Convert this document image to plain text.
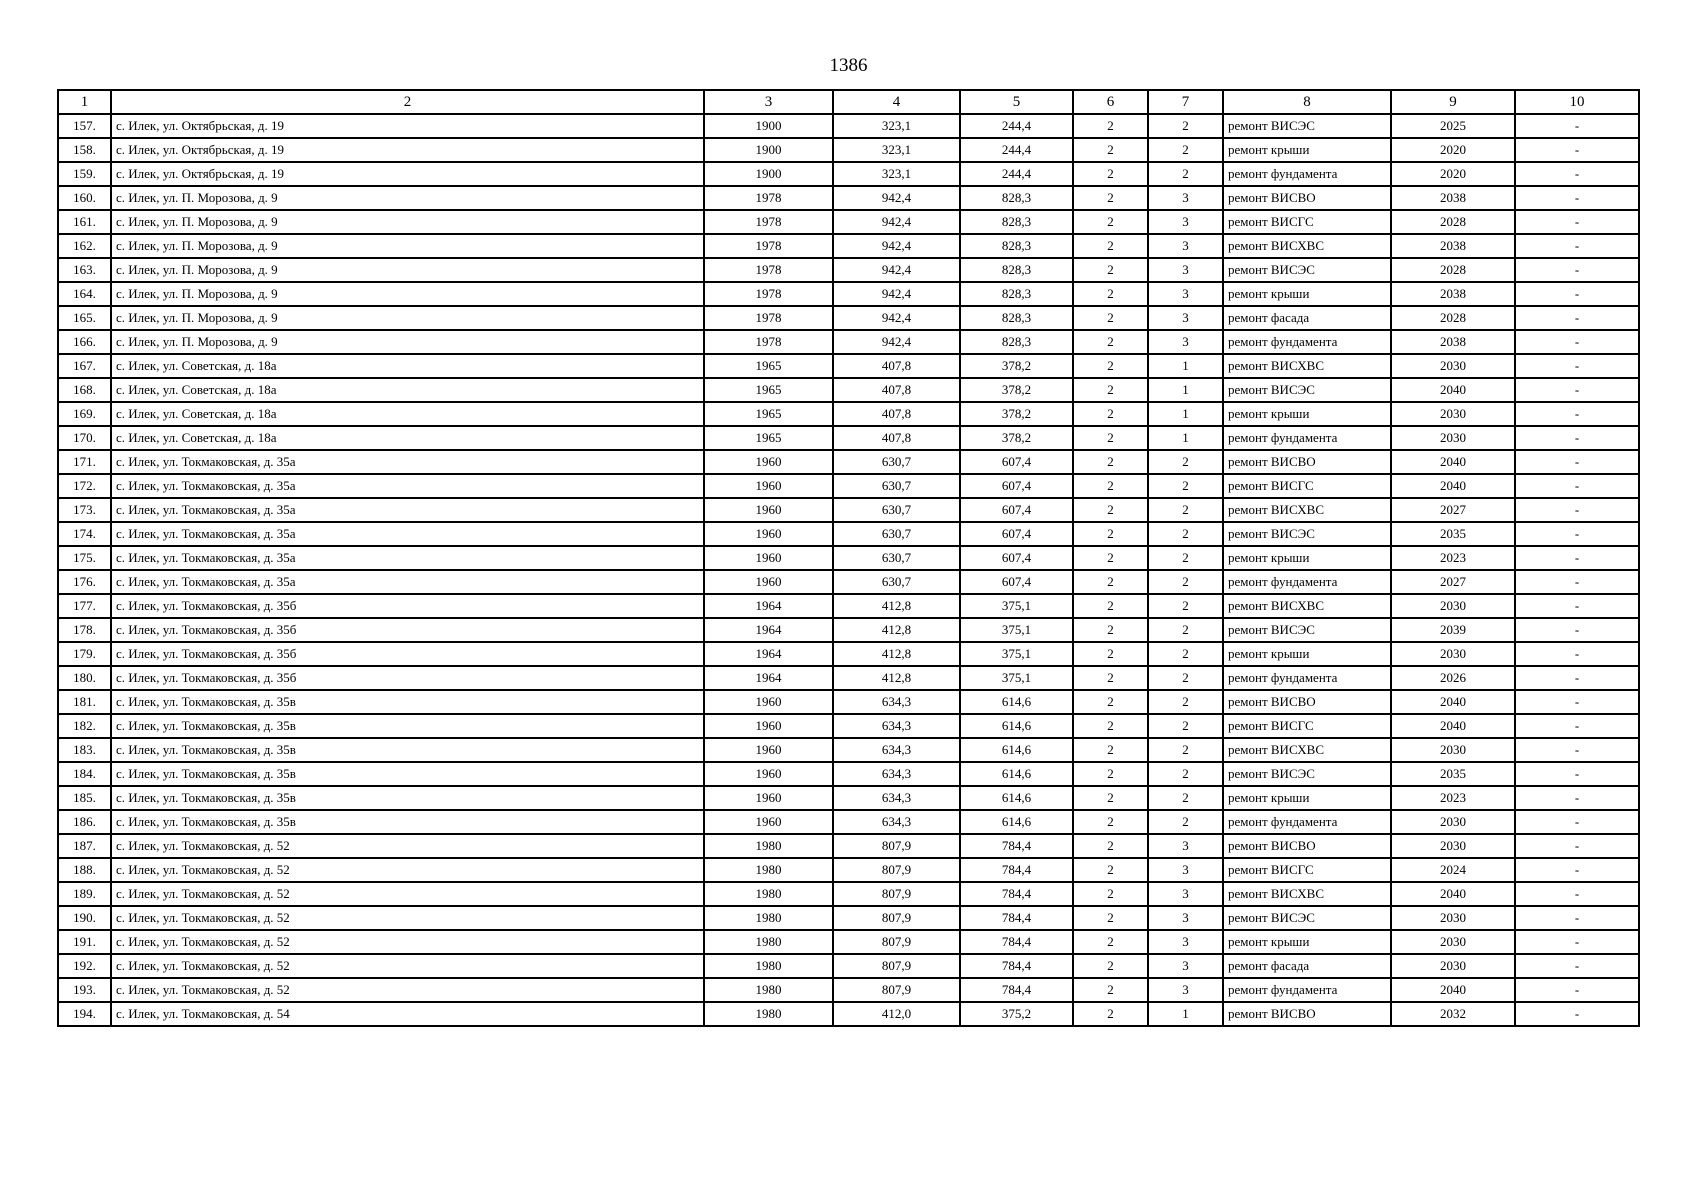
1386
1	2	3	4	5	6	7	8	9	10
157.	с. Илек, ул. Октябрьская, д. 19	1900	323,1	244,4	2	2	ремонт ВИСЭС	2025	-
158.	с. Илек, ул. Октябрьская, д. 19	1900	323,1	244,4	2	2	ремонт крыши	2020	-
159.	с. Илек, ул. Октябрьская, д. 19	1900	323,1	244,4	2	2	ремонт фундамента	2020	-
160.	с. Илек, ул. П. Морозова, д. 9	1978	942,4	828,3	2	3	ремонт ВИСВО	2038	-
161.	с. Илек, ул. П. Морозова, д. 9	1978	942,4	828,3	2	3	ремонт ВИСГС	2028	-
162.	с. Илек, ул. П. Морозова, д. 9	1978	942,4	828,3	2	3	ремонт ВИСХВС	2038	-
163.	с. Илек, ул. П. Морозова, д. 9	1978	942,4	828,3	2	3	ремонт ВИСЭС	2028	-
164.	с. Илек, ул. П. Морозова, д. 9	1978	942,4	828,3	2	3	ремонт крыши	2038	-
165.	с. Илек, ул. П. Морозова, д. 9	1978	942,4	828,3	2	3	ремонт фасада	2028	-
166.	с. Илек, ул. П. Морозова, д. 9	1978	942,4	828,3	2	3	ремонт фундамента	2038	-
167.	с. Илек, ул. Советская, д. 18а	1965	407,8	378,2	2	1	ремонт ВИСХВС	2030	-
168.	с. Илек, ул. Советская, д. 18а	1965	407,8	378,2	2	1	ремонт ВИСЭС	2040	-
169.	с. Илек, ул. Советская, д. 18а	1965	407,8	378,2	2	1	ремонт крыши	2030	-
170.	с. Илек, ул. Советская, д. 18а	1965	407,8	378,2	2	1	ремонт фундамента	2030	-
171.	с. Илек, ул. Токмаковская, д. 35а	1960	630,7	607,4	2	2	ремонт ВИСВО	2040	-
172.	с. Илек, ул. Токмаковская, д. 35а	1960	630,7	607,4	2	2	ремонт ВИСГС	2040	-
173.	с. Илек, ул. Токмаковская, д. 35а	1960	630,7	607,4	2	2	ремонт ВИСХВС	2027	-
174.	с. Илек, ул. Токмаковская, д. 35а	1960	630,7	607,4	2	2	ремонт ВИСЭС	2035	-
175.	с. Илек, ул. Токмаковская, д. 35а	1960	630,7	607,4	2	2	ремонт крыши	2023	-
176.	с. Илек, ул. Токмаковская, д. 35а	1960	630,7	607,4	2	2	ремонт фундамента	2027	-
177.	с. Илек, ул. Токмаковская, д. 35б	1964	412,8	375,1	2	2	ремонт ВИСХВС	2030	-
178.	с. Илек, ул. Токмаковская, д. 35б	1964	412,8	375,1	2	2	ремонт ВИСЭС	2039	-
179.	с. Илек, ул. Токмаковская, д. 35б	1964	412,8	375,1	2	2	ремонт крыши	2030	-
180.	с. Илек, ул. Токмаковская, д. 35б	1964	412,8	375,1	2	2	ремонт фундамента	2026	-
181.	с. Илек, ул. Токмаковская, д. 35в	1960	634,3	614,6	2	2	ремонт ВИСВО	2040	-
182.	с. Илек, ул. Токмаковская, д. 35в	1960	634,3	614,6	2	2	ремонт ВИСГС	2040	-
183.	с. Илек, ул. Токмаковская, д. 35в	1960	634,3	614,6	2	2	ремонт ВИСХВС	2030	-
184.	с. Илек, ул. Токмаковская, д. 35в	1960	634,3	614,6	2	2	ремонт ВИСЭС	2035	-
185.	с. Илек, ул. Токмаковская, д. 35в	1960	634,3	614,6	2	2	ремонт крыши	2023	-
186.	с. Илек, ул. Токмаковская, д. 35в	1960	634,3	614,6	2	2	ремонт фундамента	2030	-
187.	с. Илек, ул. Токмаковская, д. 52	1980	807,9	784,4	2	3	ремонт ВИСВО	2030	-
188.	с. Илек, ул. Токмаковская, д. 52	1980	807,9	784,4	2	3	ремонт ВИСГС	2024	-
189.	с. Илек, ул. Токмаковская, д. 52	1980	807,9	784,4	2	3	ремонт ВИСХВС	2040	-
190.	с. Илек, ул. Токмаковская, д. 52	1980	807,9	784,4	2	3	ремонт ВИСЭС	2030	-
191.	с. Илек, ул. Токмаковская, д. 52	1980	807,9	784,4	2	3	ремонт крыши	2030	-
192.	с. Илек, ул. Токмаковская, д. 52	1980	807,9	784,4	2	3	ремонт фасада	2030	-
193.	с. Илек, ул. Токмаковская, д. 52	1980	807,9	784,4	2	3	ремонт фундамента	2040	-
194.	с. Илек, ул. Токмаковская, д. 54	1980	412,0	375,2	2	1	ремонт ВИСВО	2032	-
